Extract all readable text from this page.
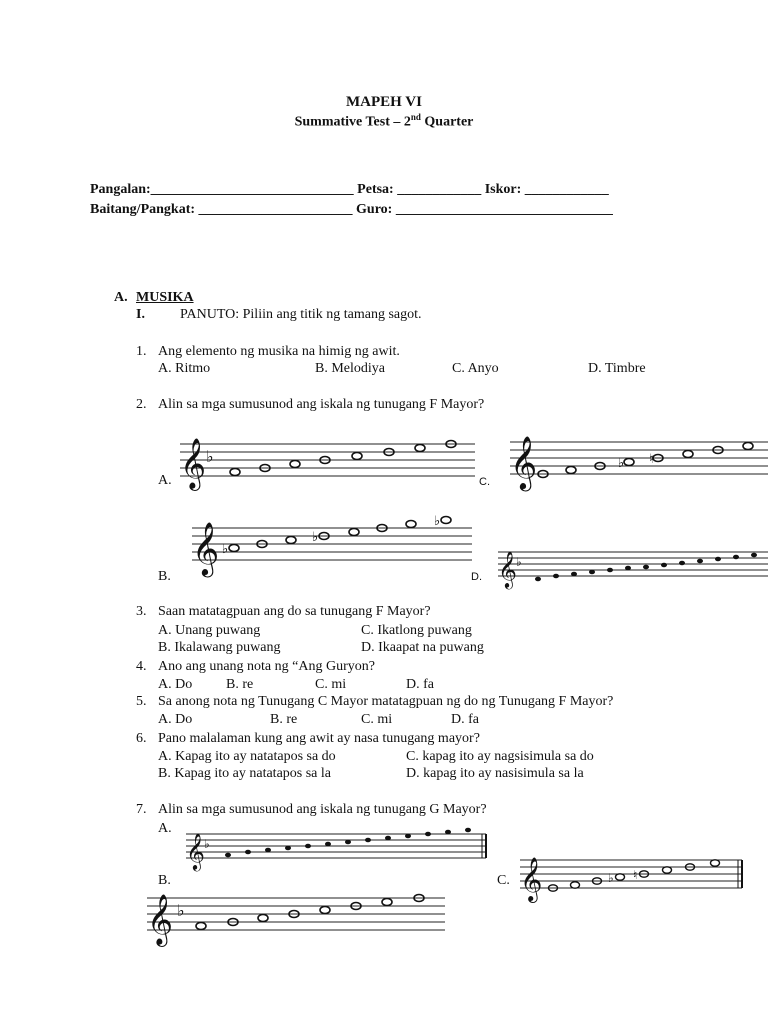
MAPEH VI
Summative Test – 2nd Quarter
Pangalan:_____________________________ Petsa: ____________ Iskor: ____________
Baitang/Pangkat: ______________________ Guro: _______________________________
A. MUSIKA
I.	PANUTO: Piliin ang titik ng tamang sagot.
1. Ang elemento ng musika na himig ng awit.
A. Ritmo	B. Melodiya	C. Anyo	D. Timbre
2. Alin sa mga sumusunod ang iskala ng tunugang F Mayor?
A. 𝄞 ♭
C. 𝄞	♭ ♮
B.
𝄞 ♭
♭
♭
D. 𝄞 ♭
3. Saan matatagpuan ang do sa tunugang F Mayor?
A. Unang puwang	C. Ikatlong puwang
B. Ikalawang puwang	D. Ikaapat na puwang
4. Ano ang unang nota ng “Ang Guryon?
A. Do B. re	C. mi	D. fa
5. Sa anong nota ng Tunugang C Mayor matatagpuan ng do ng Tunugang F Mayor?
A. Do	B. re	C. mi	D. fa
6. Pano malalaman kung ang awit ay nasa tunugang mayor?
A. Kapag ito ay natatapos sa do	C. kapag ito ay nagsisimula sa do
B. Kapag ito ay natatapos sa la	D. kapag ito ay nasisimula sa la
7. Alin sa mga sumusunod ang iskala ng tunugang G Mayor?
A.
𝄞 ♭
C. 𝄞	♭ ♮
B.
𝄞 ♭
